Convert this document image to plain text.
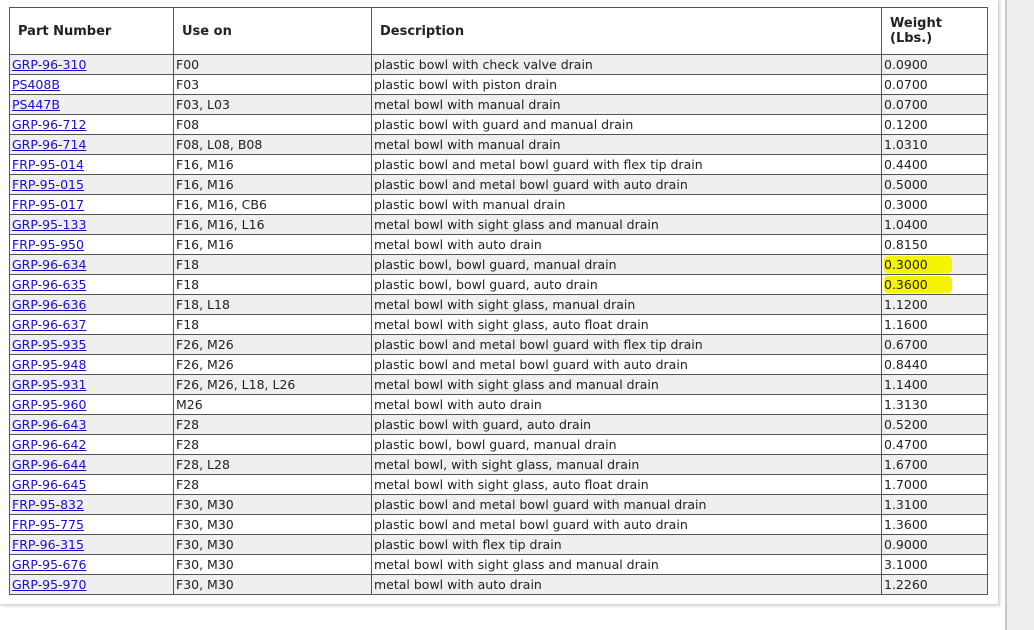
Part Number	Use on	Description	Weight
(Lbs.)
GRP-96-310	F00	plastic bowl with check valve drain	0.0900
PS408B	F03	plastic bowl with piston drain	0.0700
PS447B	F03, L03	metal bowl with manual drain	0.0700
GRP-96-712	F08	plastic bowl with guard and manual drain	0.1200
GRP-96-714	F08, L08, B08	metal bowl with manual drain	1.0310
FRP-95-014	F16, M16	plastic bowl and metal bowl guard with flex tip drain	0.4400
FRP-95-015	F16, M16	plastic bowl and metal bowl guard with auto drain	0.5000
FRP-95-017	F16, M16, CB6	plastic bowl with manual drain	0.3000
GRP-95-133	F16, M16, L16	metal bowl with sight glass and manual drain	1.0400
FRP-95-950	F16, M16	metal bowl with auto drain	0.8150
GRP-96-634	F18	plastic bowl, bowl guard, manual drain	0.3000
GRP-96-635	F18	plastic bowl, bowl guard, auto drain	0.3600
GRP-96-636	F18, L18	metal bowl with sight glass, manual drain	1.1200
GRP-96-637	F18	metal bowl with sight glass, auto float drain	1.1600
GRP-95-935	F26, M26	plastic bowl and metal bowl guard with flex tip drain	0.6700
GRP-95-948	F26, M26	plastic bowl and metal bowl guard with auto drain	0.8440
GRP-95-931	F26, M26, L18, L26	metal bowl with sight glass and manual drain	1.1400
GRP-95-960	M26	metal bowl with auto drain	1.3130
GRP-96-643	F28	plastic bowl with guard, auto drain	0.5200
GRP-96-642	F28	plastic bowl, bowl guard, manual drain	0.4700
GRP-96-644	F28, L28	metal bowl, with sight glass, manual drain	1.6700
GRP-96-645	F28	metal bowl with sight glass, auto float drain	1.7000
FRP-95-832	F30, M30	plastic bowl and metal bowl guard with manual drain	1.3100
FRP-95-775	F30, M30	plastic bowl and metal bowl guard with auto drain	1.3600
FRP-96-315	F30, M30	plastic bowl with flex tip drain	0.9000
GRP-95-676	F30, M30	metal bowl with sight glass and manual drain	3.1000
GRP-95-970	F30, M30	metal bowl with auto drain	1.2260
